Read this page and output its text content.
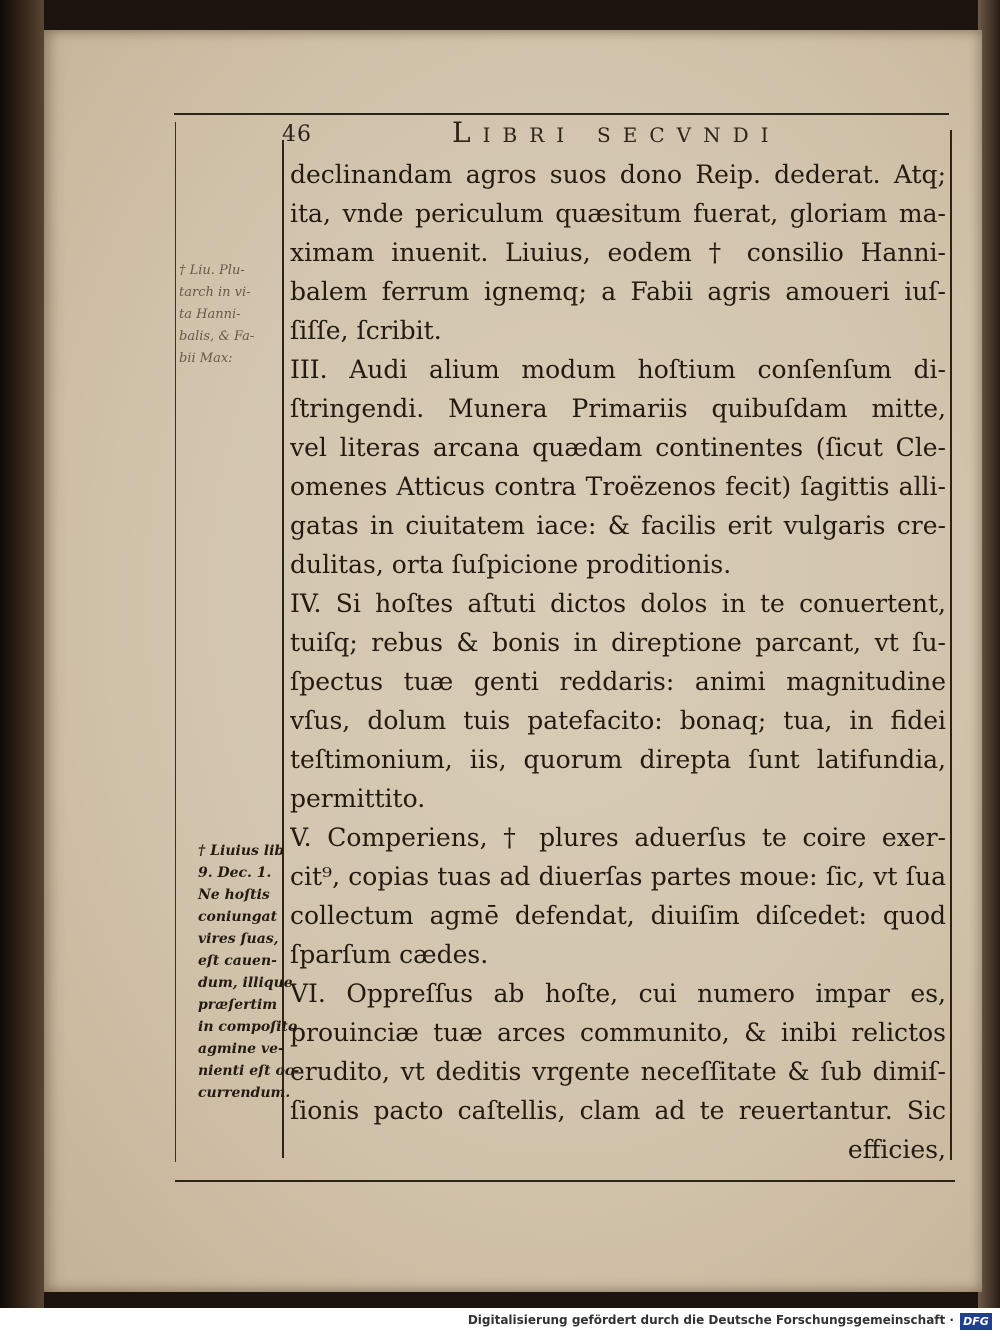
46	Libri secvndi
† Liu. Plu-
tarch in vi-
ta Hanni-
balis, & Fa-
bii Max:
† Liuius lib
9. Dec. 1.
Ne hoſtis
coniungat
vires ſuas,
eſt cauen-
dum, illique
præſertim
in compoſito
agmine ve-
nienti eſt oc-
currendum.
declinandam agros suos dono Reip. dederat. Atq;
ita, vnde periculum quæsitum fuerat, gloriam ma-
ximam inuenit. Liuius, eodem † consilio Hanni-
balem ferrum ignemq; a Fabii agris amoueri iuſ-
ſiſſe, ſcribit.
III. Audi alium modum hoſtium conſenſum di-
ſtringendi. Munera Primariis quibuſdam mitte,
vel literas arcana quædam continentes (ſicut Cle-
omenes Atticus contra Troëzenos fecit) ſagittis alli-
gatas in ciuitatem iace: & facilis erit vulgaris cre-
dulitas, orta ſuſpicione proditionis.
IV. Si hoſtes aſtuti dictos dolos in te conuertent,
tuiſq; rebus & bonis in direptione parcant, vt ſu-
ſpectus tuæ genti reddaris: animi magnitudine
vſus, dolum tuis patefacito: bonaq; tua, in fidei
teſtimonium, iis, quorum direpta ſunt latifundia,
permittito.
V. Comperiens, † plures aduerſus te coire exer-
cit⁹, copias tuas ad diuerſas partes moue: ſic, vt ſua
collectum agmē defendat, diuiſim diſcedet: quod
ſparſum cædes.
VI. Oppreſſus ab hoſte, cui numero impar es,
prouinciæ tuæ arces communito, & inibi relictos
erudito, vt deditis vrgente neceſſitate & ſub dimiſ-
ſionis pacto caſtellis, clam ad te reuertantur. Sic
efficies,
Digitalisierung gefördert durch die Deutsche Forschungsgemeinschaft · DFG
